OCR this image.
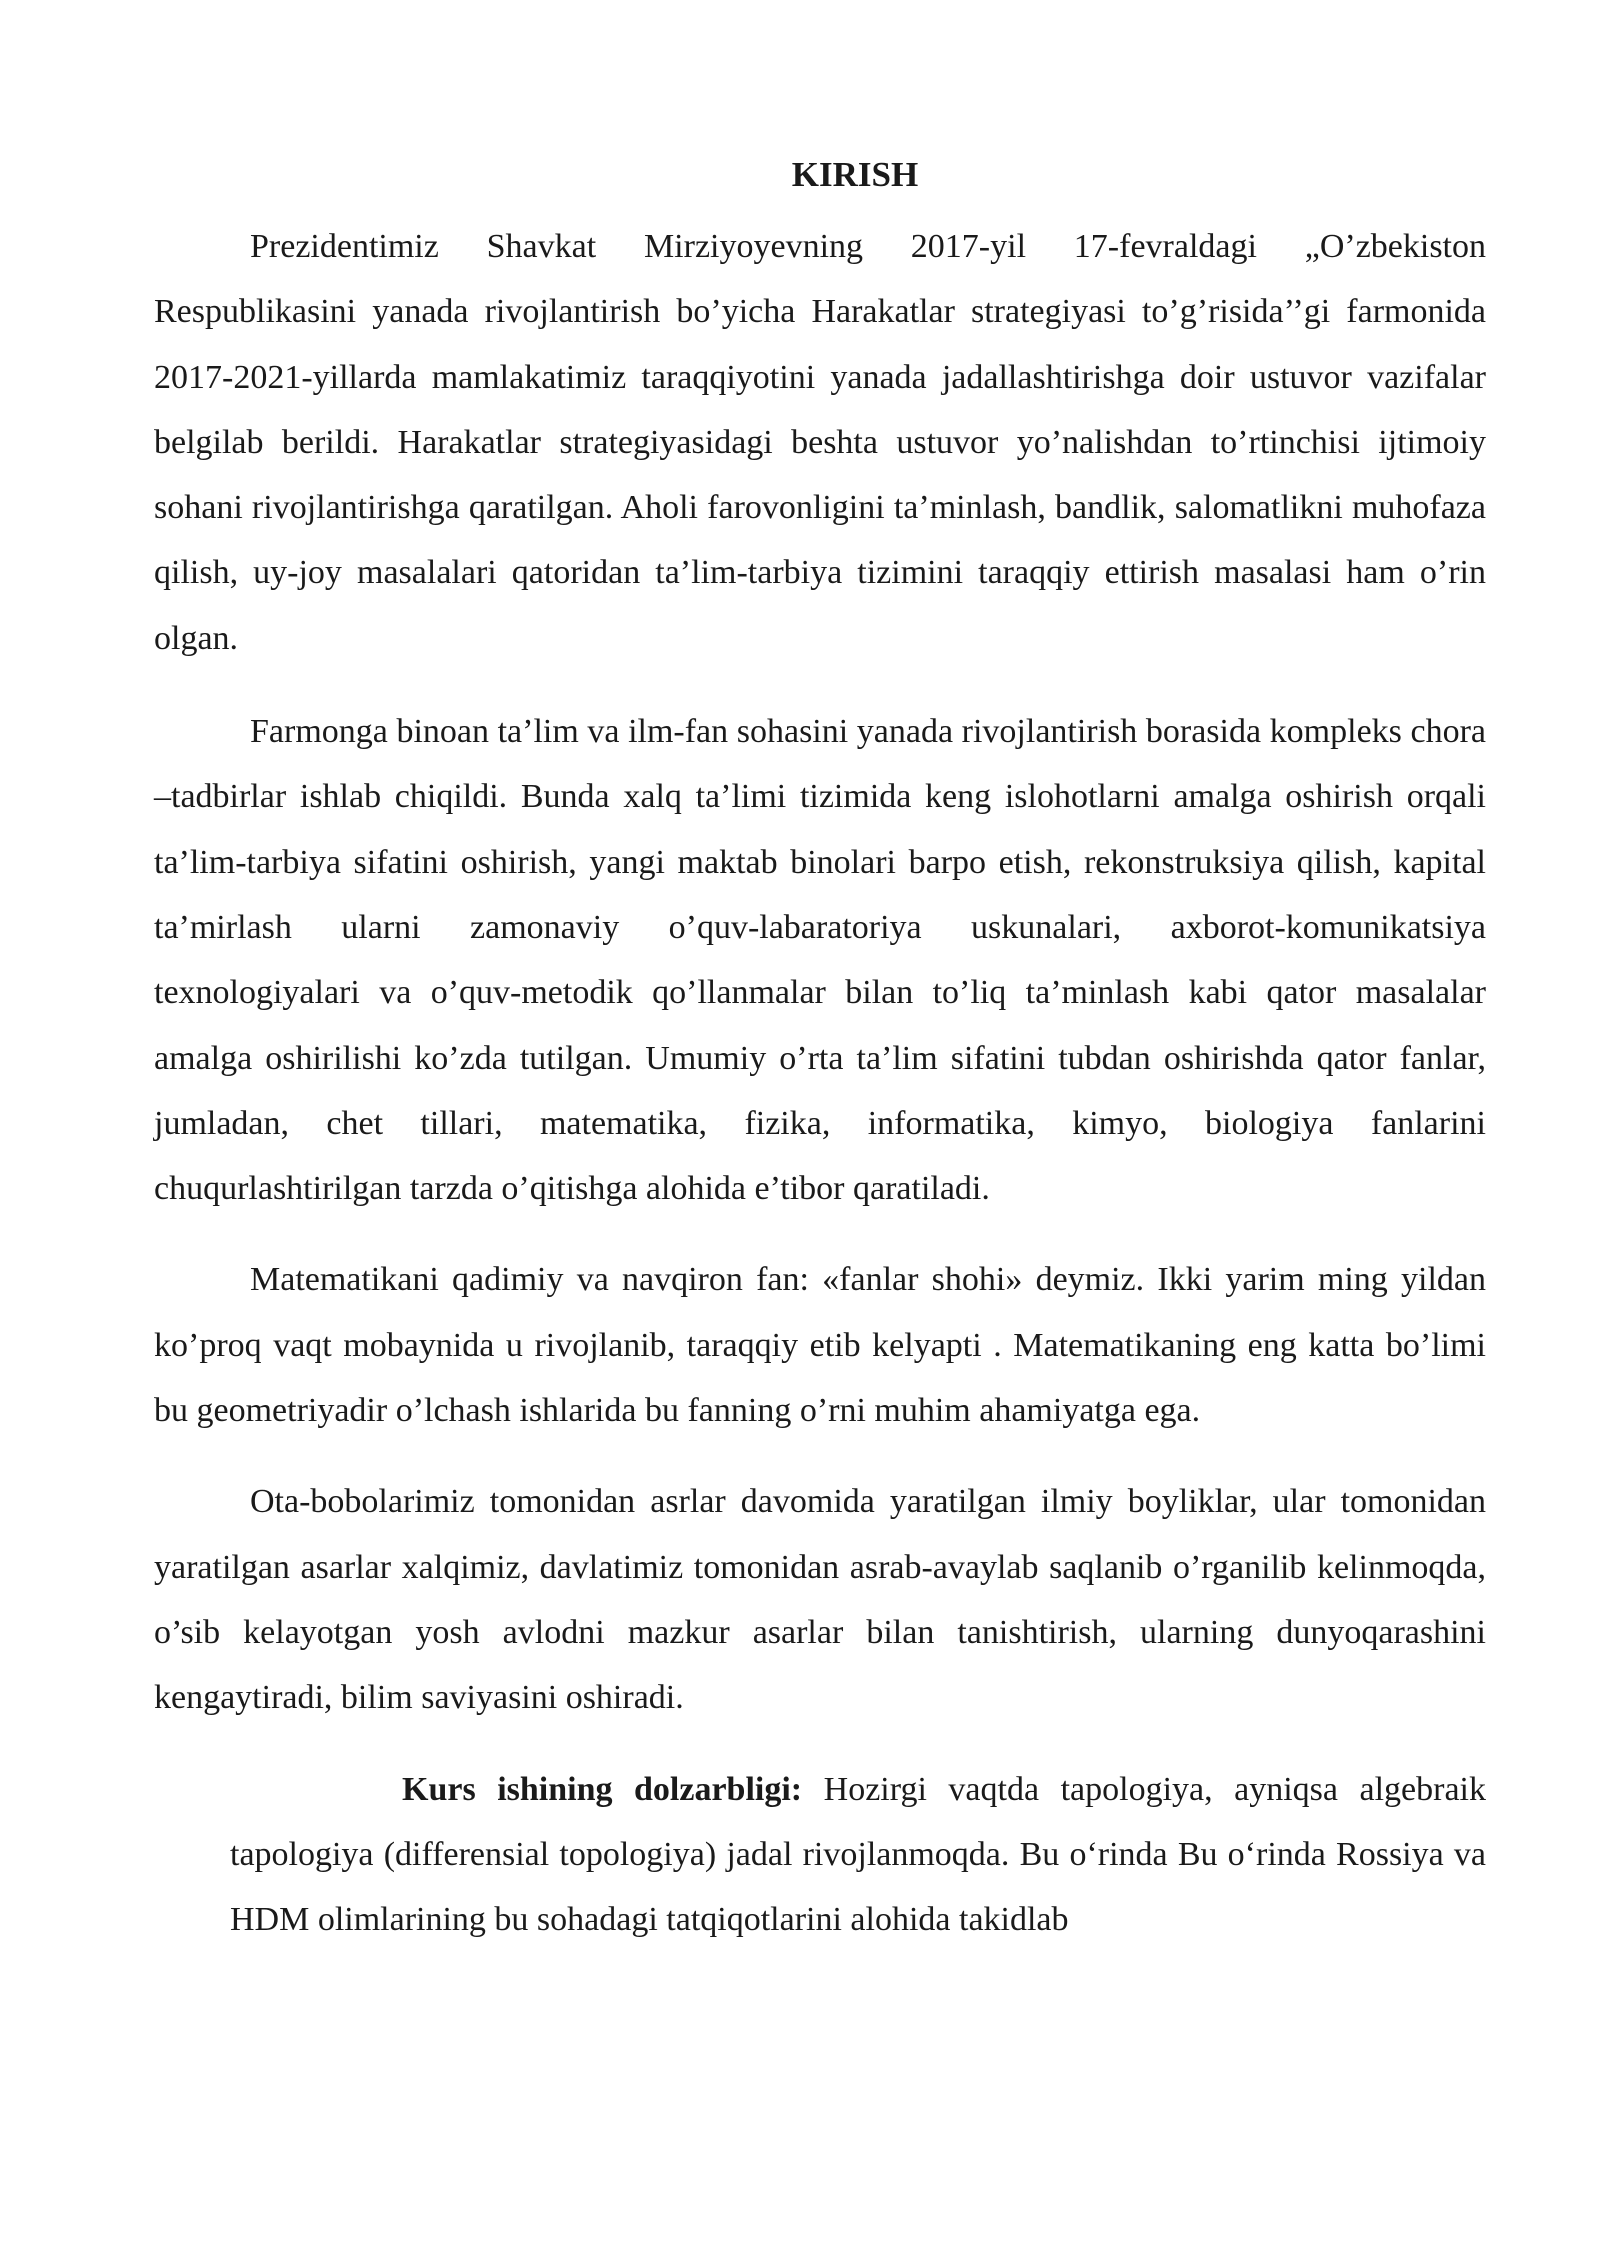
KIRISH

Prezidentimiz Shavkat Mirziyoyevning 2017-yil 17-fevraldagi „O’zbekiston Respublikasini yanada rivojlantirish bo’yicha Harakatlar strategiyasi to’g’risida’’gi farmonida 2017-2021-yillarda mamlakatimiz taraqqiyotini yanada jadallashtirishga doir ustuvor vazifalar belgilab berildi. Harakatlar strategiyasidagi beshta ustuvor yo’nalishdan to’rtinchisi ijtimoiy sohani rivojlantirishga qaratilgan. Aholi farovonligini ta’minlash, bandlik, salomatlikni muhofaza qilish, uy-joy masalalari qatoridan ta’lim-tarbiya tizimini taraqqiy ettirish masalasi ham o’rin olgan.

Farmonga binoan ta’lim va ilm-fan sohasini yanada rivojlantirish borasida kompleks chora –tadbirlar ishlab chiqildi. Bunda xalq ta’limi tizimida keng islohotlarni amalga oshirish orqali ta’lim-tarbiya sifatini oshirish, yangi maktab binolari barpo etish, rekonstruksiya qilish, kapital ta’mirlash ularni zamonaviy o’quv-labaratoriya uskunalari, axborot-komunikatsiya texnologiyalari va o’quv-metodik qo’llanmalar bilan to’liq ta’minlash kabi qator masalalar amalga oshirilishi ko’zda tutilgan. Umumiy o’rta ta’lim sifatini tubdan oshirishda qator fanlar, jumladan, chet tillari, matematika, fizika, informatika, kimyo, biologiya fanlarini chuqurlashtirilgan tarzda o’qitishga alohida e’tibor qaratiladi.

Matematikani qadimiy va navqiron fan: «fanlar shohi» deymiz. Ikki yarim ming yildan ko’proq vaqt mobaynida u rivojlanib, taraqqiy etib kelyapti . Matematikaning eng katta bo’limi bu geometriyadir o’lchash ishlarida bu fanning o’rni muhim ahamiyatga ega.

Ota-bobolarimiz tomonidan asrlar davomida yaratilgan ilmiy boyliklar, ular tomonidan yaratilgan asarlar xalqimiz, davlatimiz tomonidan asrab-avaylab saqlanib o’rganilib kelinmoqda, o’sib kelayotgan yosh avlodni mazkur asarlar bilan tanishtirish, ularning dunyoqarashini kengaytiradi, bilim saviyasini oshiradi.

Kurs ishining dolzarbligi: Hozirgi vaqtda tapologiya, ayniqsa algebraik tapologiya (differensial topologiya) jadal rivojlanmoqda. Bu o‘rinda Bu o‘rinda Rossiya va HDM olimlarining bu sohadagi tatqiqotlarini alohida takidlab
